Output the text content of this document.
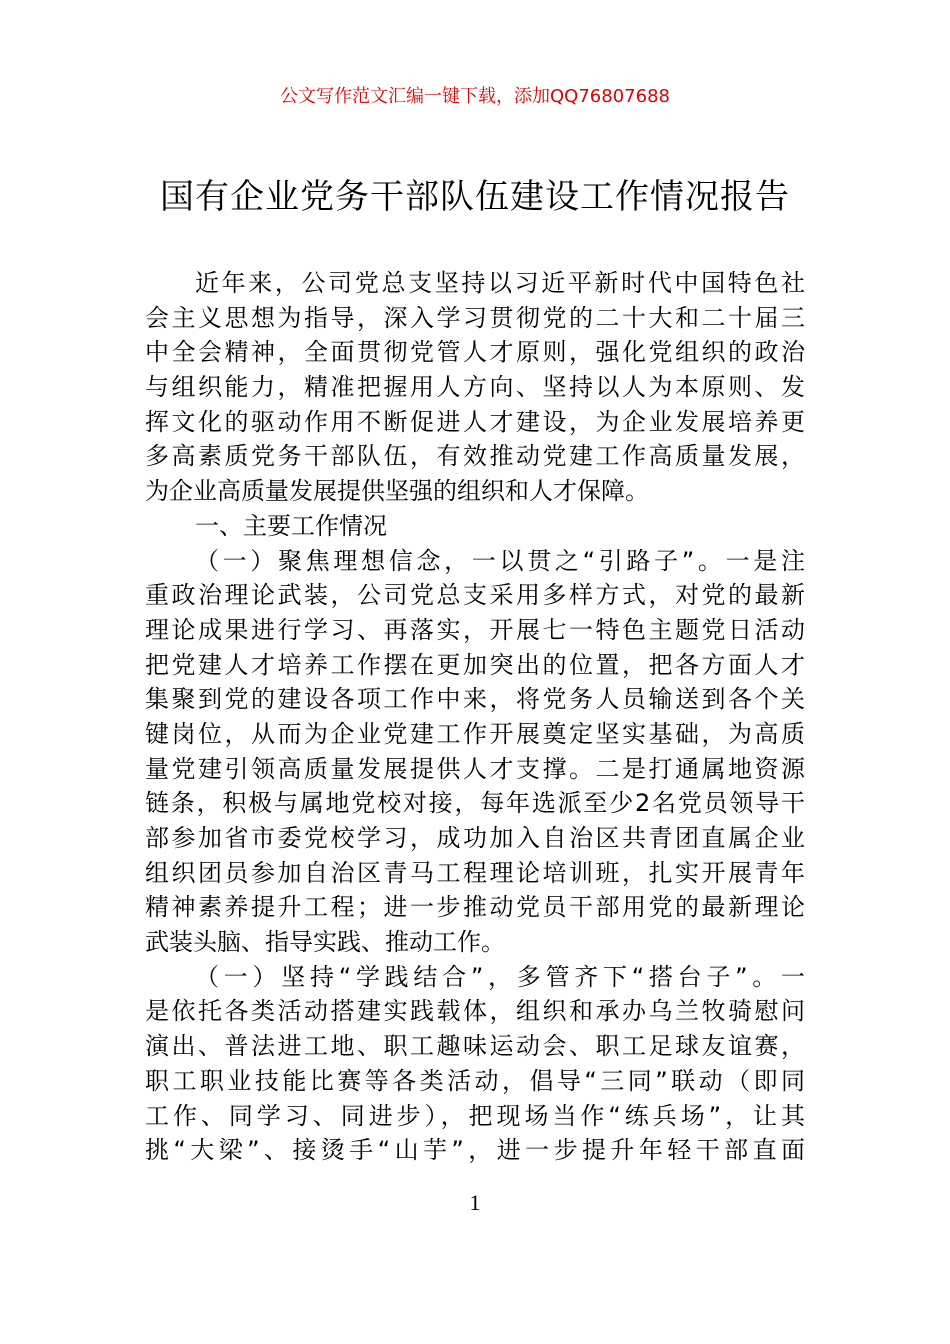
公文写作范文汇编一键下载，添加QQ76807688
国有企业党务干部队伍建设工作情况报告
近年来，公司党总支坚持以习近平新时代中国特色社
会主义思想为指导，深入学习贯彻党的二十大和二十届三
中全会精神，全面贯彻党管人才原则，强化党组织的政治
与组织能力，精准把握用人方向、坚持以人为本原则、发
挥文化的驱动作用不断促进人才建设，为企业发展培养更
多高素质党务干部队伍，有效推动党建工作高质量发展，
为企业高质量发展提供坚强的组织和人才保障。
一、主要工作情况
（一）聚焦理想信念，一以贯之“引路子”。一是注
重政治理论武装，公司党总支采用多样方式，对党的最新
理论成果进行学习、再落实，开展七一特色主题党日活动
把党建人才培养工作摆在更加突出的位置，把各方面人才
集聚到党的建设各项工作中来，将党务人员输送到各个关
键岗位，从而为企业党建工作开展奠定坚实基础，为高质
量党建引领高质量发展提供人才支撑。二是打通属地资源
链条，积极与属地党校对接，每年选派至少2名党员领导干
部参加省市委党校学习，成功加入自治区共青团直属企业
组织团员参加自治区青马工程理论培训班，扎实开展青年
精神素养提升工程；进一步推动党员干部用党的最新理论
武装头脑、指导实践、推动工作。
（一）坚持“学践结合”，多管齐下“搭台子”。一
是依托各类活动搭建实践载体，组织和承办乌兰牧骑慰问
演出、普法进工地、职工趣味运动会、职工足球友谊赛，
职工职业技能比赛等各类活动，倡导“三同”联动（即同
工作、同学习、同进步），把现场当作“练兵场”，让其
挑“大梁”、接烫手“山芋”，进一步提升年轻干部直面
1
